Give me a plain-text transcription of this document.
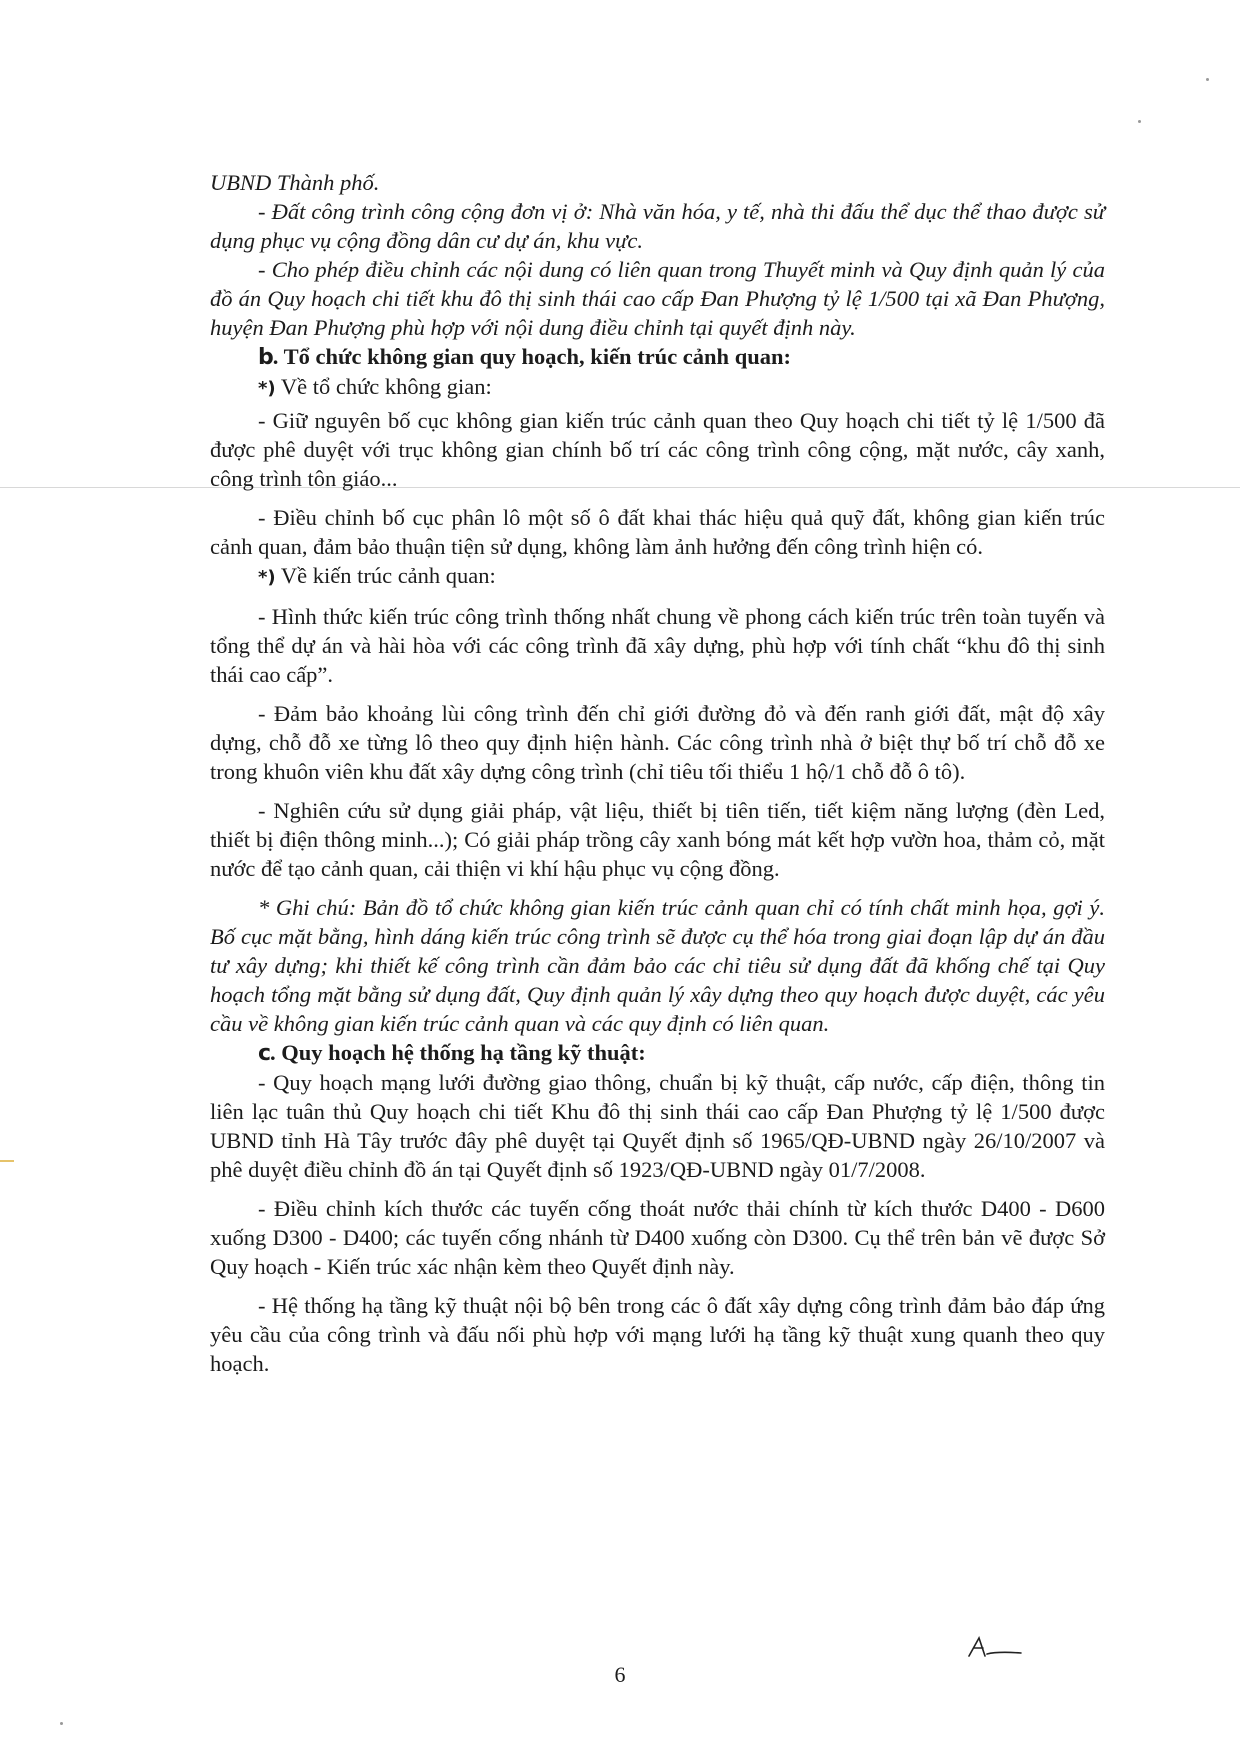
UBND Thành phố.

- Đất công trình công cộng đơn vị ở: Nhà văn hóa, y tế, nhà thi đấu thể dục thể thao được sử dụng phục vụ cộng đồng dân cư dự án, khu vực.

- Cho phép điều chỉnh các nội dung có liên quan trong Thuyết minh và Quy định quản lý của đồ án Quy hoạch chi tiết khu đô thị sinh thái cao cấp Đan Phượng tỷ lệ 1/500 tại xã Đan Phượng, huyện Đan Phượng phù hợp với nội dung điều chỉnh tại quyết định này.

b. Tổ chức không gian quy hoạch, kiến trúc cảnh quan:

*) Về tổ chức không gian:

- Giữ nguyên bố cục không gian kiến trúc cảnh quan theo Quy hoạch chi tiết tỷ lệ 1/500 đã được phê duyệt với trục không gian chính bố trí các công trình công cộng, mặt nước, cây xanh, công trình tôn giáo...

- Điều chỉnh bố cục phân lô một số ô đất khai thác hiệu quả quỹ đất, không gian kiến trúc cảnh quan, đảm bảo thuận tiện sử dụng, không làm ảnh hưởng đến công trình hiện có.

*) Về kiến trúc cảnh quan:

- Hình thức kiến trúc công trình thống nhất chung về phong cách kiến trúc trên toàn tuyến và tổng thể dự án và hài hòa với các công trình đã xây dựng, phù hợp với tính chất “khu đô thị sinh thái cao cấp”.

- Đảm bảo khoảng lùi công trình đến chỉ giới đường đỏ và đến ranh giới đất, mật độ xây dựng, chỗ đỗ xe từng lô theo quy định hiện hành. Các công trình nhà ở biệt thự bố trí chỗ đỗ xe trong khuôn viên khu đất xây dựng công trình (chỉ tiêu tối thiểu 1 hộ/1 chỗ đỗ ô tô).

- Nghiên cứu sử dụng giải pháp, vật liệu, thiết bị tiên tiến, tiết kiệm năng lượng (đèn Led, thiết bị điện thông minh...); Có giải pháp trồng cây xanh bóng mát kết hợp vườn hoa, thảm cỏ, mặt nước để tạo cảnh quan, cải thiện vi khí hậu phục vụ cộng đồng.

* Ghi chú: Bản đồ tổ chức không gian kiến trúc cảnh quan chỉ có tính chất minh họa, gợi ý. Bố cục mặt bằng, hình dáng kiến trúc công trình sẽ được cụ thể hóa trong giai đoạn lập dự án đầu tư xây dựng; khi thiết kế công trình cần đảm bảo các chỉ tiêu sử dụng đất đã khống chế tại Quy hoạch tổng mặt bằng sử dụng đất, Quy định quản lý xây dựng theo quy hoạch được duyệt, các yêu cầu về không gian kiến trúc cảnh quan và các quy định có liên quan.

c. Quy hoạch hệ thống hạ tầng kỹ thuật:

- Quy hoạch mạng lưới đường giao thông, chuẩn bị kỹ thuật, cấp nước, cấp điện, thông tin liên lạc tuân thủ Quy hoạch chi tiết Khu đô thị sinh thái cao cấp Đan Phượng tỷ lệ 1/500 được UBND tỉnh Hà Tây trước đây phê duyệt tại Quyết định số 1965/QĐ-UBND ngày 26/10/2007 và phê duyệt điều chỉnh đồ án tại Quyết định số 1923/QĐ-UBND ngày 01/7/2008.

- Điều chỉnh kích thước các tuyến cống thoát nước thải chính từ kích thước D400 - D600 xuống D300 - D400; các tuyến cống nhánh từ D400 xuống còn D300. Cụ thể trên bản vẽ được Sở Quy hoạch - Kiến trúc xác nhận kèm theo Quyết định này.

- Hệ thống hạ tầng kỹ thuật nội bộ bên trong các ô đất xây dựng công trình đảm bảo đáp ứng yêu cầu của công trình và đấu nối phù hợp với mạng lưới hạ tầng kỹ thuật xung quanh theo quy hoạch.

6
